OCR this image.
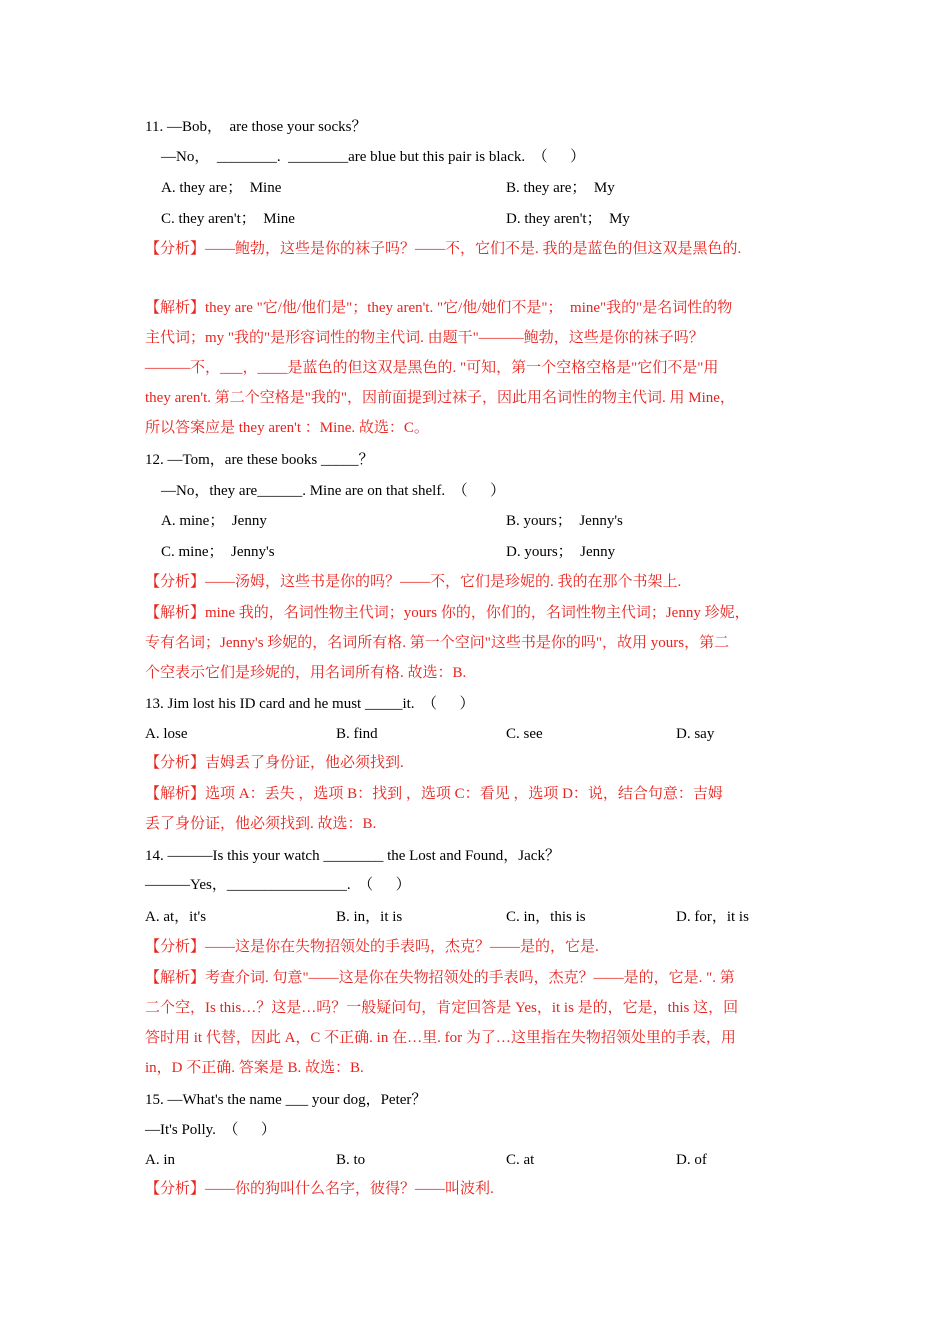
11. —Bob，  are those your socks？
—No，  ________.  ________are blue but this pair is black.  （      ）
A. they are；  Mine	B. they are；  My
C. they aren't；  Mine	D. they aren't；  My
【分析】——鲍勃，这些是你的袜子吗？——不，它们不是. 我的是蓝色的但这双是黑色的.
【解析】they are "它/他/他们是"；they aren't. "它/他/她们不是"；  mine"我的"是名词性的物
主代词；my "我的"是形容词性的物主代词. 由题干"———鲍勃，这些是你的袜子吗？
———不，___，____是蓝色的但这双是黑色的. "可知，第一个空格空格是"它们不是"用
they aren't. 第二个空格是"我的"，因前面提到过袜子，因此用名词性的物主代词. 用 Mine，
所以答案应是 they aren't ：Mine. 故选：C。
12. —Tom，are these books _____？
—No，they are______. Mine are on that shelf.  （      ）
A. mine；  Jenny	B. yours；  Jenny's
C. mine；  Jenny's	D. yours；  Jenny
【分析】——汤姆，这些书是你的吗？——不，它们是珍妮的. 我的在那个书架上.
【解析】mine 我的，名词性物主代词；yours 你的，你们的，名词性物主代词；Jenny 珍妮，
专有名词；Jenny's 珍妮的，名词所有格. 第一个空问"这些书是你的吗"，故用 yours，第二
个空表示它们是珍妮的，用名词所有格. 故选：B.
13. Jim lost his ID card and he must _____it.  （      ）
A. lose	B. find	C. see	D. say
【分析】吉姆丢了身份证，他必须找到.
【解析】选项 A：丢失 ，选项 B：找到 ，选项 C：看见 ，选项 D：说，结合句意：吉姆
丢了身份证，他必须找到. 故选：B.
14. ———Is this your watch ________ the Lost and Found，Jack？
———Yes，________________.  （      ）
A. at，it's	B. in，it is	C. in，this is	D. for，it is
【分析】——这是你在失物招领处的手表吗，杰克？——是的，它是.
【解析】考查介词. 句意"——这是你在失物招领处的手表吗，杰克？——是的，它是. ". 第
二个空，Is this…？这是…吗？一般疑问句，肯定回答是 Yes，it is 是的，它是，this 这，回
答时用 it 代替，因此 A，C 不正确. in 在…里. for 为了…这里指在失物招领处里的手表，用
in，D 不正确. 答案是 B. 故选：B.
15. —What's the name ___ your dog，Peter？
—It's Polly.  （      ）
A. in	B. to	C. at	D. of
【分析】——你的狗叫什么名字，彼得？——叫波利.
